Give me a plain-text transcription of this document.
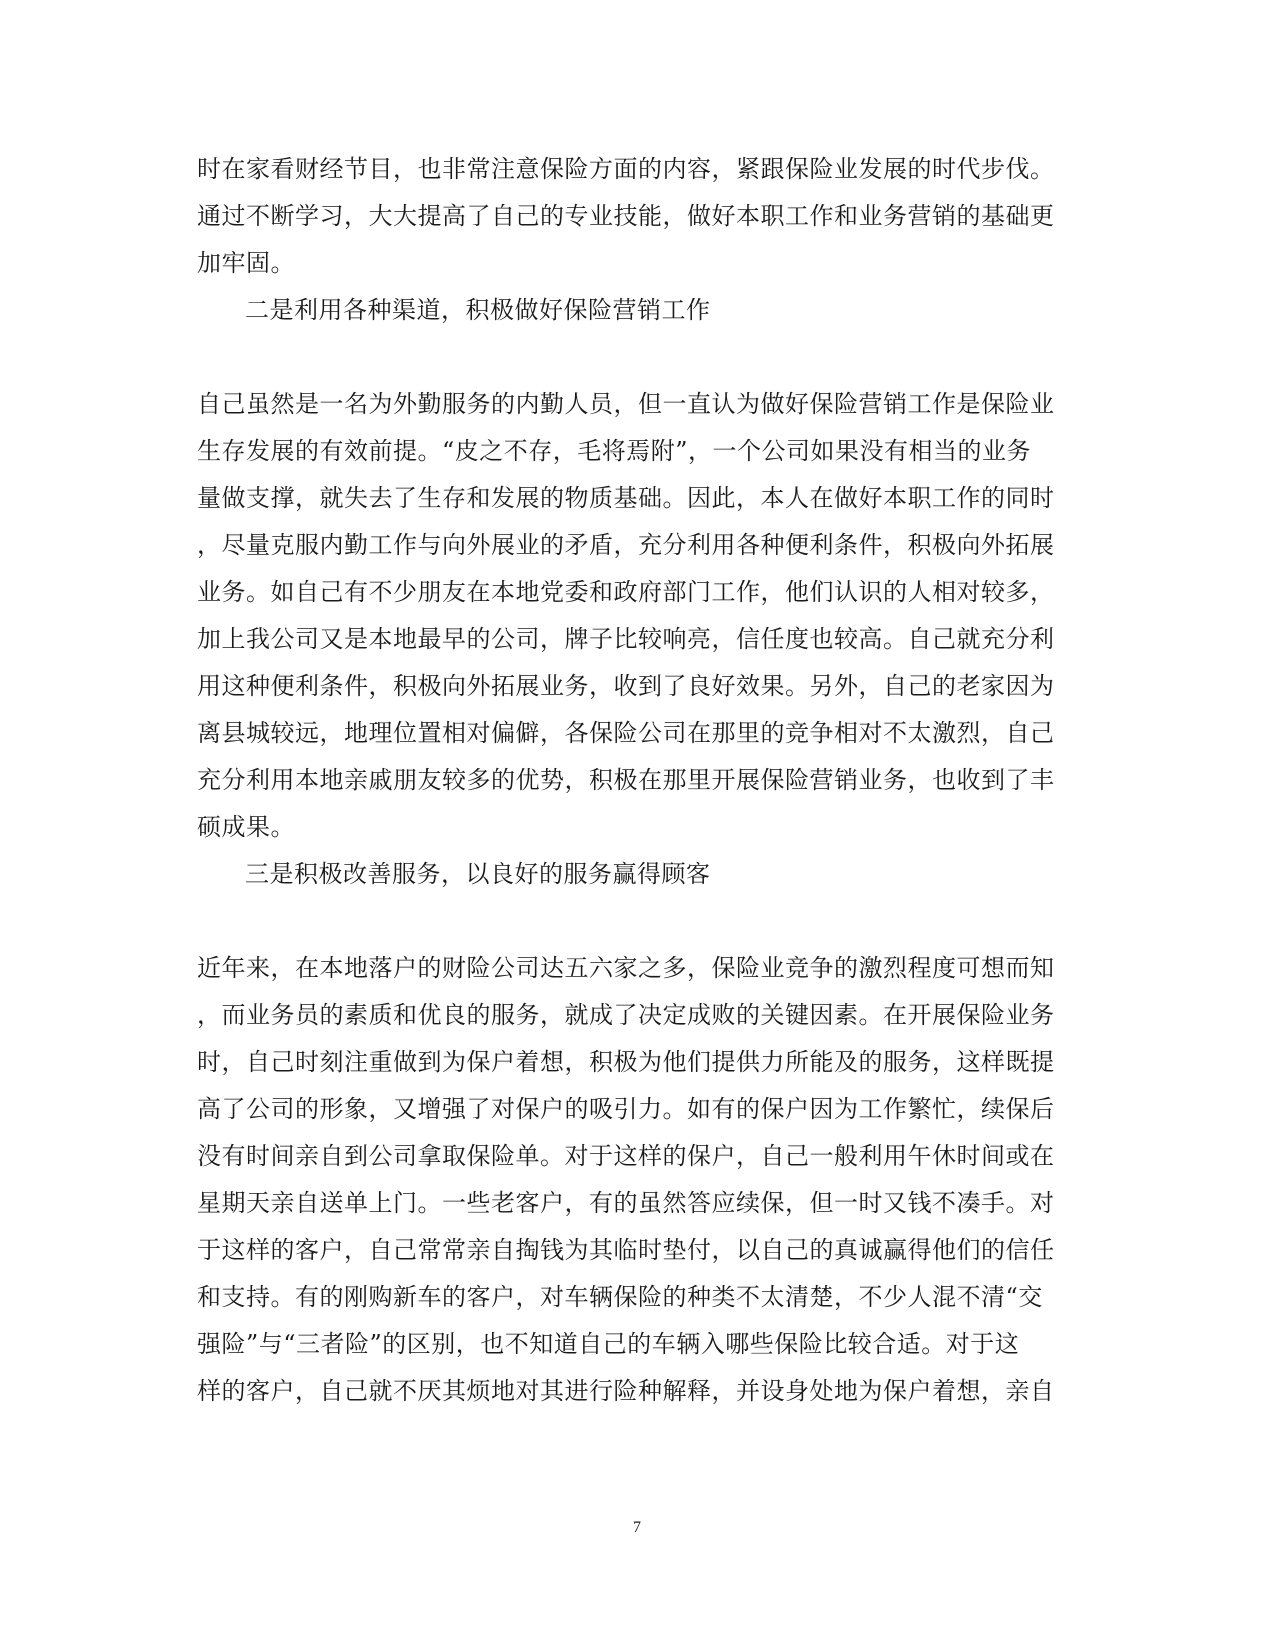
时在家看财经节目，也非常注意保险方面的内容，紧跟保险业发展的时代步伐。
通过不断学习，大大提高了自己的专业技能，做好本职工作和业务营销的基础更
加牢固。
二是利用各种渠道，积极做好保险营销工作
自己虽然是一名为外勤服务的内勤人员，但一直认为做好保险营销工作是保险业
生存发展的有效前提。“皮之不存，毛将焉附”，一个公司如果没有相当的业务
量做支撑，就失去了生存和发展的物质基础。因此，本人在做好本职工作的同时
，尽量克服内勤工作与向外展业的矛盾，充分利用各种便利条件，积极向外拓展
业务。如自己有不少朋友在本地党委和政府部门工作，他们认识的人相对较多，
加上我公司又是本地最早的公司，牌子比较响亮，信任度也较高。自己就充分利
用这种便利条件，积极向外拓展业务，收到了良好效果。另外，自己的老家因为
离县城较远，地理位置相对偏僻，各保险公司在那里的竞争相对不太激烈，自己
充分利用本地亲戚朋友较多的优势，积极在那里开展保险营销业务，也收到了丰
硕成果。
三是积极改善服务，以良好的服务赢得顾客
近年来，在本地落户的财险公司达五六家之多，保险业竞争的激烈程度可想而知
，而业务员的素质和优良的服务，就成了决定成败的关键因素。在开展保险业务
时，自己时刻注重做到为保户着想，积极为他们提供力所能及的服务，这样既提
高了公司的形象，又增强了对保户的吸引力。如有的保户因为工作繁忙，续保后
没有时间亲自到公司拿取保险单。对于这样的保户，自己一般利用午休时间或在
星期天亲自送单上门。一些老客户，有的虽然答应续保，但一时又钱不凑手。对
于这样的客户，自己常常亲自掏钱为其临时垫付，以自己的真诚赢得他们的信任
和支持。有的刚购新车的客户，对车辆保险的种类不太清楚，不少人混不清“交
强险”与“三者险”的区别，也不知道自己的车辆入哪些保险比较合适。对于这
样的客户，自己就不厌其烦地对其进行险种解释，并设身处地为保户着想，亲自
7
